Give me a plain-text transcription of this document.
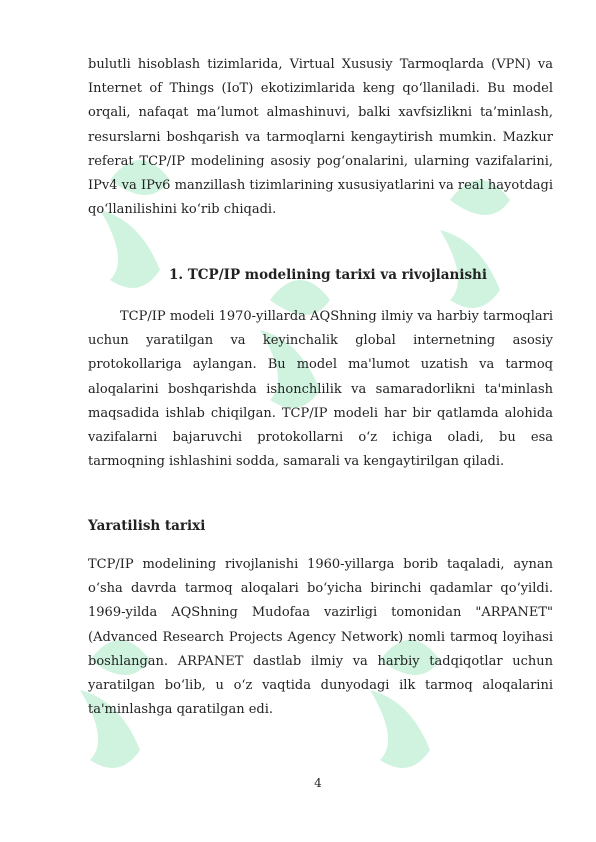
bulutli hisoblash tizimlarida, Virtual Xususiy Tarmoqlarda (VPN) va Internet of Things (IoT) ekotizimlarida keng qo‘llaniladi. Bu model orqali, nafaqat ma’lumot almashinuvi, balki xavfsizlikni ta’minlash, resurslarni boshqarish va tarmoqlarni kengaytirish mumkin. Mazkur referat TCP/IP modelining asosiy pog‘onalarini, ularning vazifalarini, IPv4 va IPv6 manzillash tizimlarining xususiyatlarini va real hayotdagi qo‘llanilishini ko‘rib chiqadi.

1. TCP/IP modelining tarixi va rivojlanishi

TCP/IP modeli 1970-yillarda AQShning ilmiy va harbiy tarmoqlari uchun yaratilgan va keyinchalik global internetning asosiy protokollariga aylangan. Bu model ma'lumot uzatish va tarmoq aloqalarini boshqarishda ishonchlilik va samaradorlikni ta'minlash maqsadida ishlab chiqilgan. TCP/IP modeli har bir qatlamda alohida vazifalarni bajaruvchi protokollarni o‘z ichiga oladi, bu esa tarmoqning ishlashini sodda, samarali va kengaytirilgan qiladi.

Yaratilish tarixi

TCP/IP modelining rivojlanishi 1960-yillarga borib taqaladi, aynan o‘sha davrda tarmoq aloqalari bo‘yicha birinchi qadamlar qo‘yildi. 1969-yilda AQShning Mudofaa vazirligi tomonidan "ARPANET" (Advanced Research Projects Agency Network) nomli tarmoq loyihasi boshlangan. ARPANET dastlab ilmiy va harbiy tadqiqotlar uchun yaratilgan bo‘lib, u o‘z vaqtida dunyodagi ilk tarmoq aloqalarini ta'minlashga qaratilgan edi.

4
